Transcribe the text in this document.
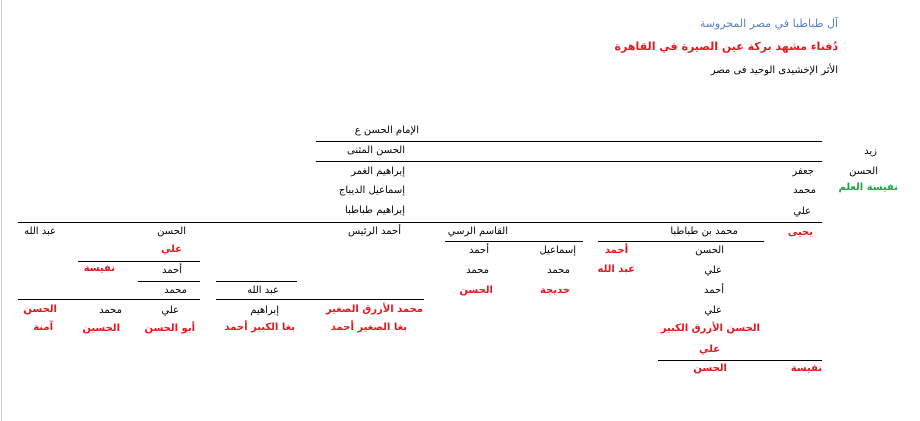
آل طباطبا في مصر المحروسة
دُفناء مشهد بركة عين الصيرة في القاهرة
الأثر الإخشيدى الوحيد فى مصر
الإمام الحسن ع
الحسن المثنى
إبراهيم الغمر
إسماعيل الديباج
إبراهيم طباطبا
زيد
الحسن
نفيسة العلم
جعفر
محمد
علي
يحيى
محمد بن طباطبا
الحسن
أحمد
عبد الله	علي
أحمد
علي
الحسن الأزرق الكبير
علي
الحسن	نفيسة
القاسم الرسي
إسماعيل
أحمد
محمد
محمد
خديجة
الحسن
أحمد الرئيس
عبد الله
محمد الأزرق الصغير
إبراهيم
بغا الصغير أحمد
بغا الكبير أحمد
الحسن
علي
أحمد
نفيسة
محمد
علي
أبو الحسن
عبد الله
محمد
الحسين
الحسن
آمنة
